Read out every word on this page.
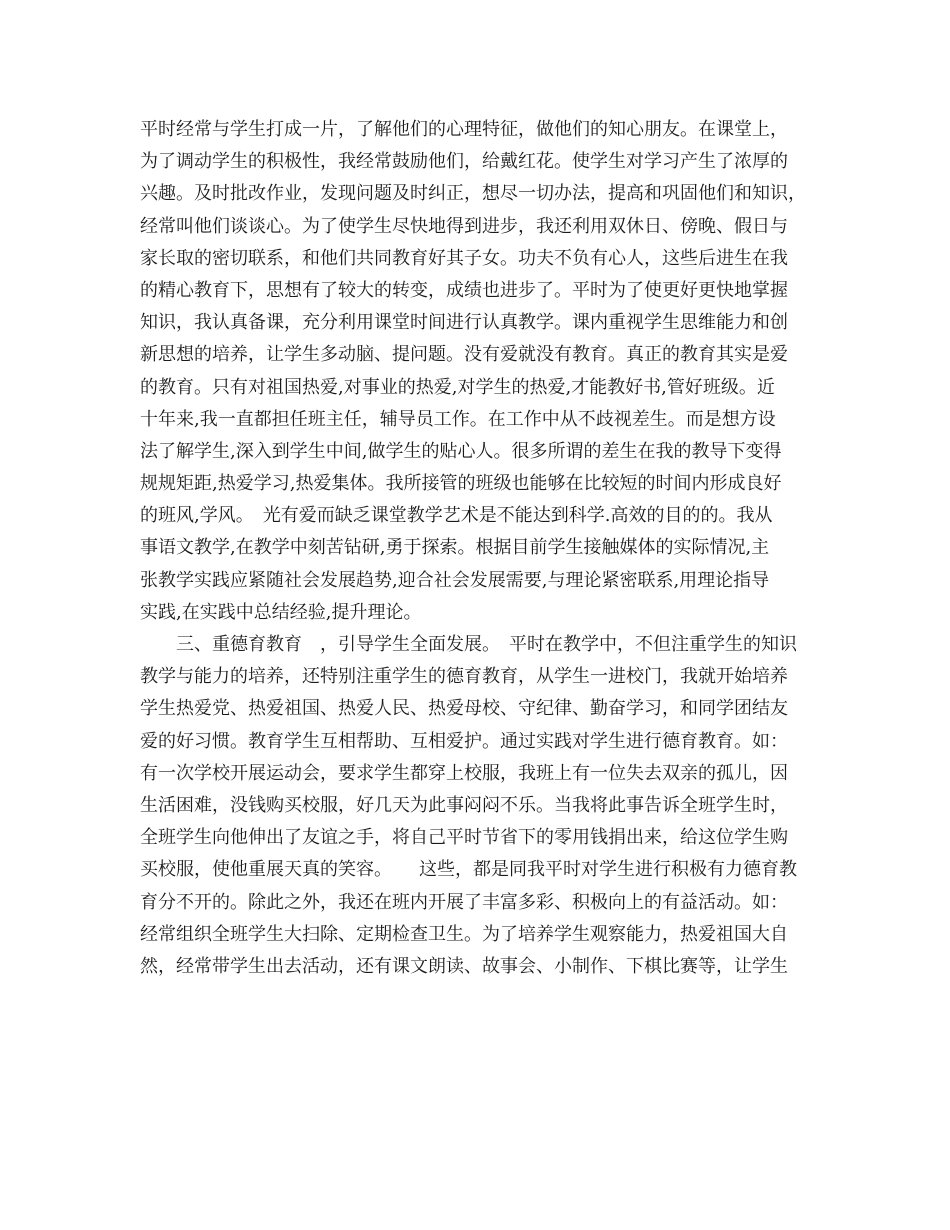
平时经常与学生打成一片，了解他们的心理特征，做他们的知心朋友。在课堂上，
为了调动学生的积极性，我经常鼓励他们，给戴红花。使学生对学习产生了浓厚的
兴趣。及时批改作业，发现问题及时纠正，想尽一切办法，提高和巩固他们和知识，
经常叫他们谈谈心。为了使学生尽快地得到进步，我还利用双休日、傍晚、假日与
家长取的密切联系，和他们共同教育好其子女。功夫不负有心人，这些后进生在我
的精心教育下，思想有了较大的转变，成绩也进步了。平时为了使更好更快地掌握
知识，我认真备课，充分利用课堂时间进行认真教学。课内重视学生思维能力和创
新思想的培养，让学生多动脑、提问题。没有爱就没有教育。真正的教育其实是爱
的教育。只有对祖国热爱,对事业的热爱,对学生的热爱,才能教好书,管好班级。近
十年来,我一直都担任班主任，辅导员工作。在工作中从不歧视差生。而是想方设
法了解学生,深入到学生中间,做学生的贴心人。很多所谓的差生在我的教导下变得
规规矩距,热爱学习,热爱集体。我所接管的班级也能够在比较短的时间内形成良好
的班风,学风。　光有爱而缺乏课堂教学艺术是不能达到科学.高效的目的的。我从
事语文教学,在教学中刻苦钻研,勇于探索。根据目前学生接触媒体的实际情况,主
张教学实践应紧随社会发展趋势,迎合社会发展需要,与理论紧密联系,用理论指导
实践,在实践中总结经验,提升理论。
三、重德育教育　，引导学生全面发展。　平时在教学中，不但注重学生的知识
教学与能力的培养，还特别注重学生的德育教育，从学生一进校门，我就开始培养
学生热爱党、热爱祖国、热爱人民、热爱母校、守纪律、勤奋学习，和同学团结友
爱的好习惯。教育学生互相帮助、互相爱护。通过实践对学生进行德育教育。如：
有一次学校开展运动会，要求学生都穿上校服，我班上有一位失去双亲的孤儿，因
生活困难，没钱购买校服，好几天为此事闷闷不乐。当我将此事告诉全班学生时，
全班学生向他伸出了友谊之手，将自己平时节省下的零用钱捐出来，给这位学生购
买校服，使他重展天真的笑容。　　这些，都是同我平时对学生进行积极有力德育教
育分不开的。除此之外，我还在班内开展了丰富多彩、积极向上的有益活动。如：
经常组织全班学生大扫除、定期检查卫生。为了培养学生观察能力，热爱祖国大自
然，经常带学生出去活动，还有课文朗读、故事会、小制作、下棋比赛等，让学生
